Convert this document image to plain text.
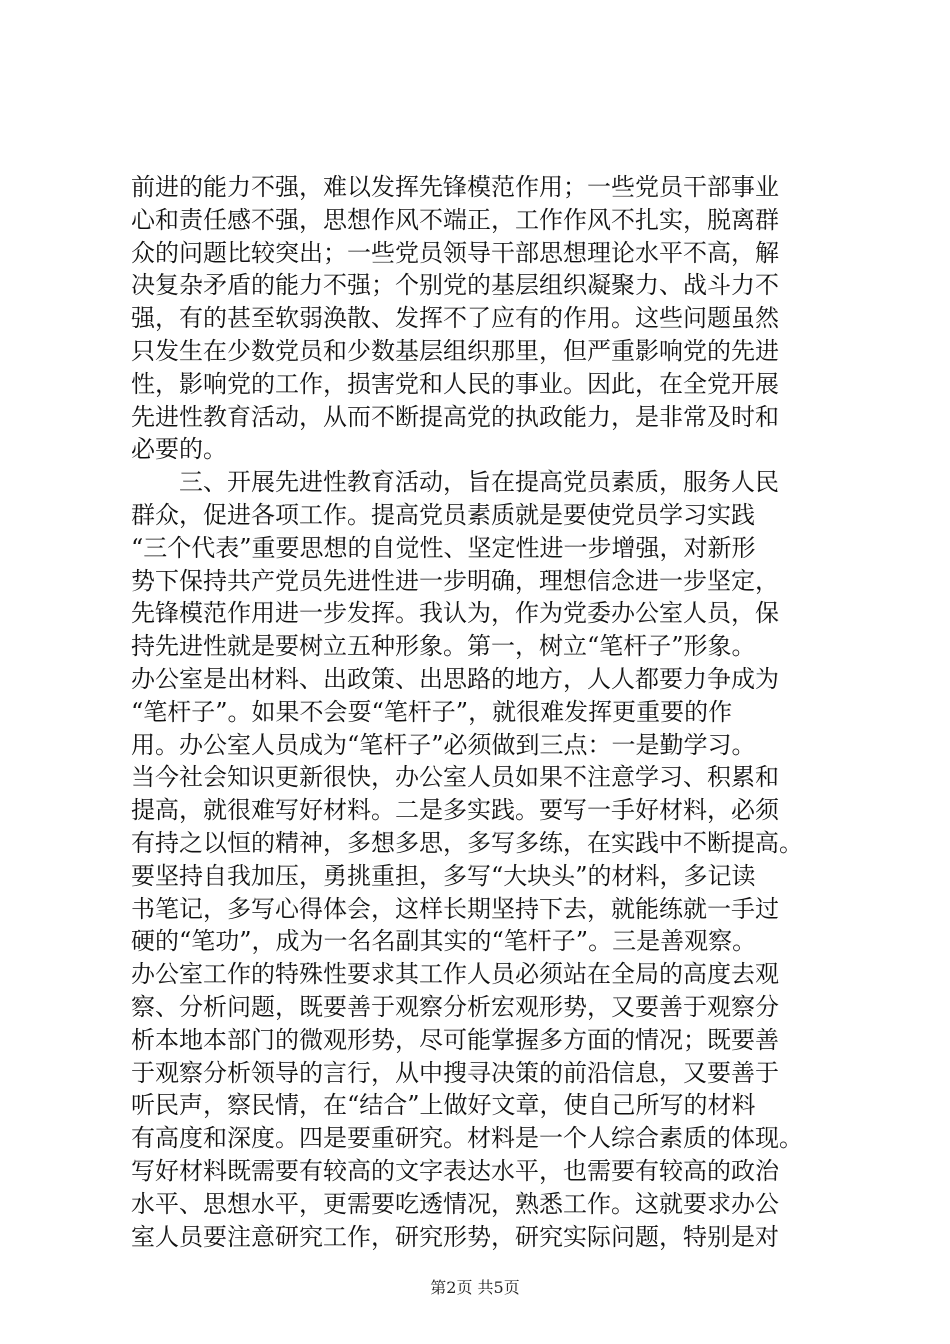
前进的能力不强，难以发挥先锋模范作用；一些党员干部事业
心和责任感不强，思想作风不端正，工作作风不扎实，脱离群
众的问题比较突出；一些党员领导干部思想理论水平不高，解
决复杂矛盾的能力不强；个别党的基层组织凝聚力、战斗力不
强，有的甚至软弱涣散、发挥不了应有的作用。这些问题虽然
只发生在少数党员和少数基层组织那里，但严重影响党的先进
性，影响党的工作，损害党和人民的事业。因此，在全党开展
先进性教育活动，从而不断提高党的执政能力，是非常及时和
必要的。
　　三、开展先进性教育活动，旨在提高党员素质，服务人民
群众，促进各项工作。提高党员素质就是要使党员学习实践
“三个代表”重要思想的自觉性、坚定性进一步增强，对新形
势下保持共产党员先进性进一步明确，理想信念进一步坚定，
先锋模范作用进一步发挥。我认为，作为党委办公室人员，保
持先进性就是要树立五种形象。第一，树立“笔杆子”形象。
办公室是出材料、出政策、出思路的地方，人人都要力争成为
“笔杆子”。如果不会耍“笔杆子”，就很难发挥更重要的作
用。办公室人员成为“笔杆子”必须做到三点：一是勤学习。
当今社会知识更新很快，办公室人员如果不注意学习、积累和
提高，就很难写好材料。二是多实践。要写一手好材料，必须
有持之以恒的精神，多想多思，多写多练，在实践中不断提高。
要坚持自我加压，勇挑重担，多写“大块头”的材料，多记读
书笔记，多写心得体会，这样长期坚持下去，就能练就一手过
硬的“笔功”，成为一名名副其实的“笔杆子”。三是善观察。
办公室工作的特殊性要求其工作人员必须站在全局的高度去观
察、分析问题，既要善于观察分析宏观形势，又要善于观察分
析本地本部门的微观形势，尽可能掌握多方面的情况；既要善
于观察分析领导的言行，从中搜寻决策的前沿信息，又要善于
听民声，察民情，在“结合”上做好文章，使自己所写的材料
有高度和深度。四是要重研究。材料是一个人综合素质的体现。
写好材料既需要有较高的文字表达水平，也需要有较高的政治
水平、思想水平，更需要吃透情况，熟悉工作。这就要求办公
室人员要注意研究工作，研究形势，研究实际问题，特别是对
第2页 共5页
